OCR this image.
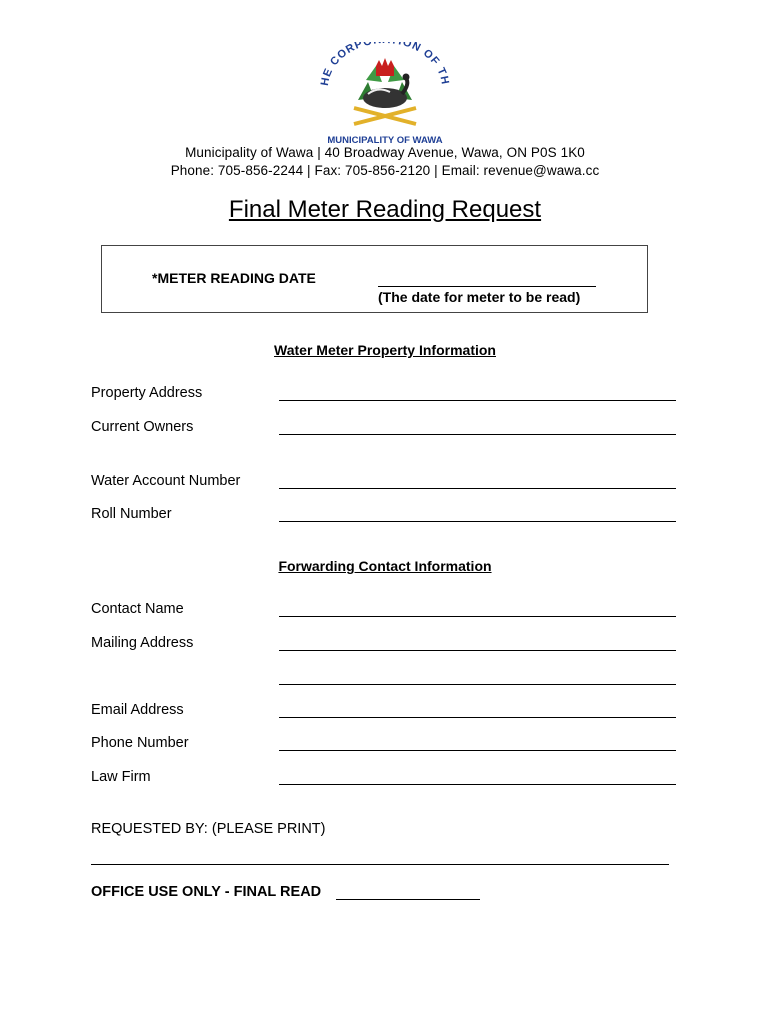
HE CORP ON OF TH
MUNICIPALITY OF WAWA
Municipality of Wawa | 40 Broadway Avenue, Wawa, ON P0S 1K0
Phone: 705-856-2244 | Fax: 705-856-2120 | Email: revenue@wawa.cc
Final Meter Reading Request
*METER READING DATE
(The date for meter to be read)
Water Meter Property Information
Property Address
Current Owners
Water Account Number
Roll Number
Forwarding Contact Information
Contact Name
Mailing Address
Email Address
Phone Number
Law Firm
REQUESTED BY: (PLEASE PRINT)
OFFICE USE ONLY - FINAL READ
